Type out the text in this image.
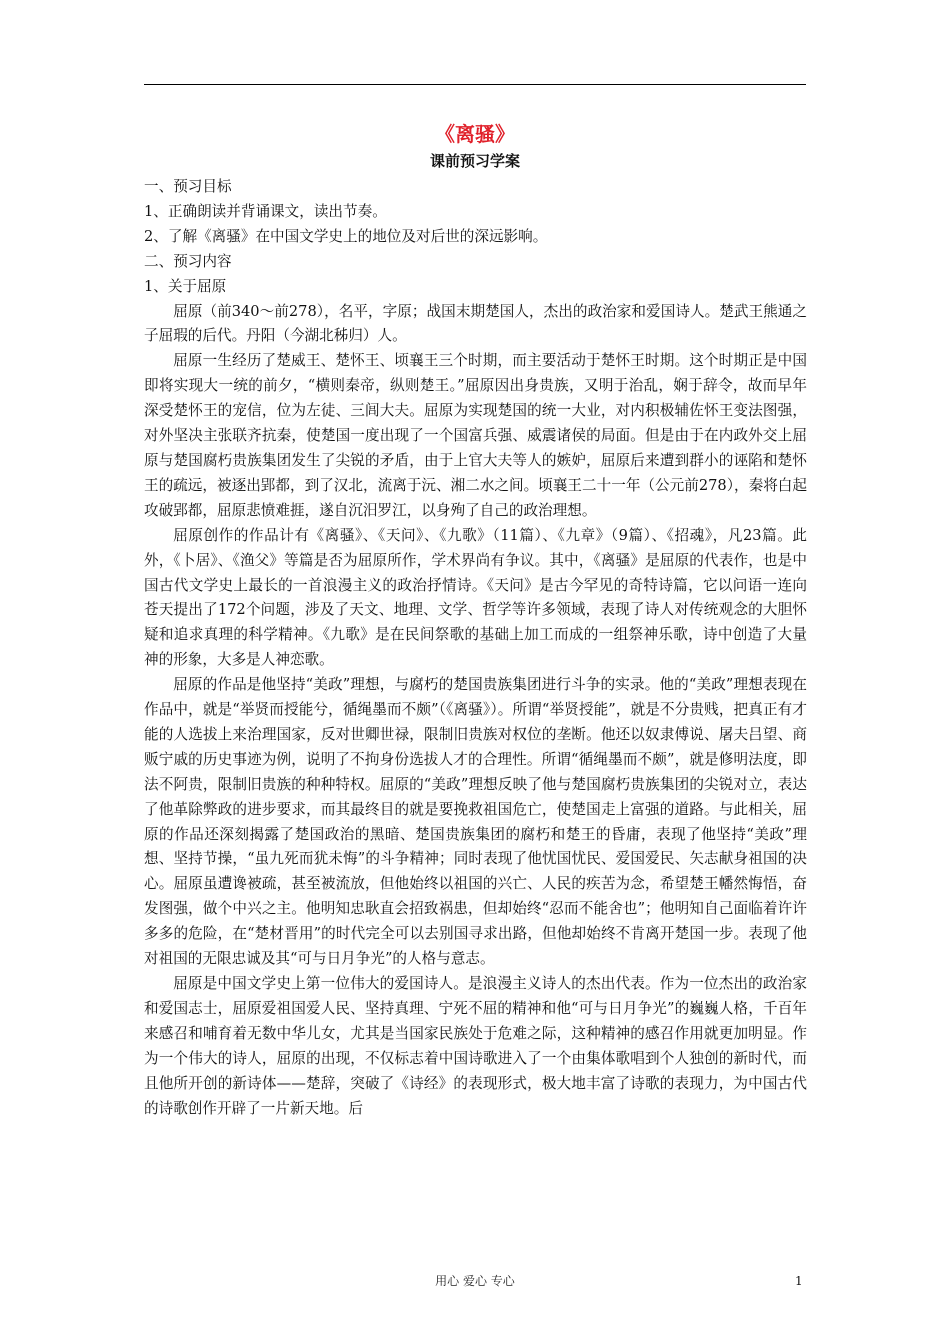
《离骚》
课前预习学案

一、预习目标

1、正确朗读并背诵课文，读出节奏。

2、了解《离骚》在中国文学史上的地位及对后世的深远影响。

二、预习内容

1、关于屈原

屈原（前340～前278），名平，字原；战国末期楚国人，杰出的政治家和爱国诗人。楚武王熊通之子屈瑕的后代。丹阳（今湖北秭归）人。

屈原一生经历了楚威王、楚怀王、顷襄王三个时期，而主要活动于楚怀王时期。这个时期正是中国即将实现大一统的前夕，“横则秦帝，纵则楚王。”屈原因出身贵族，又明于治乱，娴于辞令，故而早年深受楚怀王的宠信，位为左徒、三闾大夫。屈原为实现楚国的统一大业，对内积极辅佐怀王变法图强，对外坚决主张联齐抗秦，使楚国一度出现了一个国富兵强、威震诸侯的局面。但是由于在内政外交上屈原与楚国腐朽贵族集团发生了尖锐的矛盾，由于上官大夫等人的嫉妒，屈原后来遭到群小的诬陷和楚怀王的疏远，被逐出郢都，到了汉北，流离于沅、湘二水之间。顷襄王二十一年（公元前278），秦将白起攻破郢都，屈原悲愤难捱，遂自沉汨罗江，以身殉了自己的政治理想。

屈原创作的作品计有《离骚》、《天问》、《九歌》（11篇）、《九章》（9篇）、《招魂》，凡23篇。此外，《卜居》、《渔父》等篇是否为屈原所作，学术界尚有争议。其中，《离骚》是屈原的代表作，也是中国古代文学史上最长的一首浪漫主义的政治抒情诗。《天问》是古今罕见的奇特诗篇，它以问语一连向苍天提出了172个问题，涉及了天文、地理、文学、哲学等许多领域，表现了诗人对传统观念的大胆怀疑和追求真理的科学精神。《九歌》是在民间祭歌的基础上加工而成的一组祭神乐歌，诗中创造了大量神的形象，大多是人神恋歌。

屈原的作品是他坚持“美政”理想，与腐朽的楚国贵族集团进行斗争的实录。他的“美政”理想表现在作品中，就是“举贤而授能兮，循绳墨而不颇”（《离骚》）。所谓“举贤授能”，就是不分贵贱，把真正有才能的人选拔上来治理国家，反对世卿世禄，限制旧贵族对权位的垄断。他还以奴隶傅说、屠夫吕望、商贩宁戚的历史事迹为例，说明了不拘身份选拔人才的合理性。所谓“循绳墨而不颇”，就是修明法度，即法不阿贵，限制旧贵族的种种特权。屈原的“美政”理想反映了他与楚国腐朽贵族集团的尖锐对立，表达了他革除弊政的进步要求，而其最终目的就是要挽救祖国危亡，使楚国走上富强的道路。与此相关，屈原的作品还深刻揭露了楚国政治的黑暗、楚国贵族集团的腐朽和楚王的昏庸，表现了他坚持“美政”理想、坚持节操，“虽九死而犹未悔”的斗争精神；同时表现了他忧国忧民、爱国爱民、矢志献身祖国的决心。屈原虽遭谗被疏，甚至被流放，但他始终以祖国的兴亡、人民的疾苦为念，希望楚王幡然悔悟，奋发图强，做个中兴之主。他明知忠耿直会招致祸患，但却始终“忍而不能舍也”；他明知自己面临着许许多多的危险，在“楚材晋用”的时代完全可以去别国寻求出路，但他却始终不肯离开楚国一步。表现了他对祖国的无限忠诚及其“可与日月争光”的人格与意志。

屈原是中国文学史上第一位伟大的爱国诗人。是浪漫主义诗人的杰出代表。作为一位杰出的政治家和爱国志士，屈原爱祖国爱人民、坚持真理、宁死不屈的精神和他“可与日月争光”的巍巍人格，千百年来感召和哺育着无数中华儿女，尤其是当国家民族处于危难之际，这种精神的感召作用就更加明显。作为一个伟大的诗人，屈原的出现，不仅标志着中国诗歌进入了一个由集体歌唱到个人独创的新时代，而且他所开创的新诗体——楚辞，突破了《诗经》的表现形式，极大地丰富了诗歌的表现力，为中国古代的诗歌创作开辟了一片新天地。后

用心 爱心 专心	1
